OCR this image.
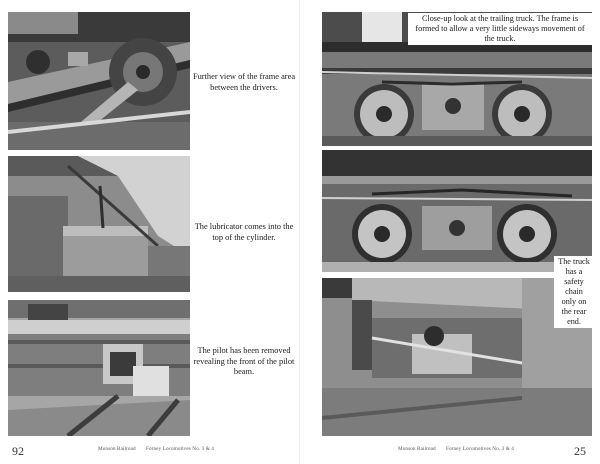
Further view of the frame area between the drivers.
The lubricator comes into the top of the cylinder.
The pilot has been removed revealing the front of the pilot beam.
92	Monson Railroad Forney Locomotives No. 3 & 4
Close-up look at the trailing truck. The frame is formed to allow a very little sideways movement of the truck.
The truck has a safety chain only on the rear end.
Monson Railroad Forney Locomotives No. 3 & 4	25
